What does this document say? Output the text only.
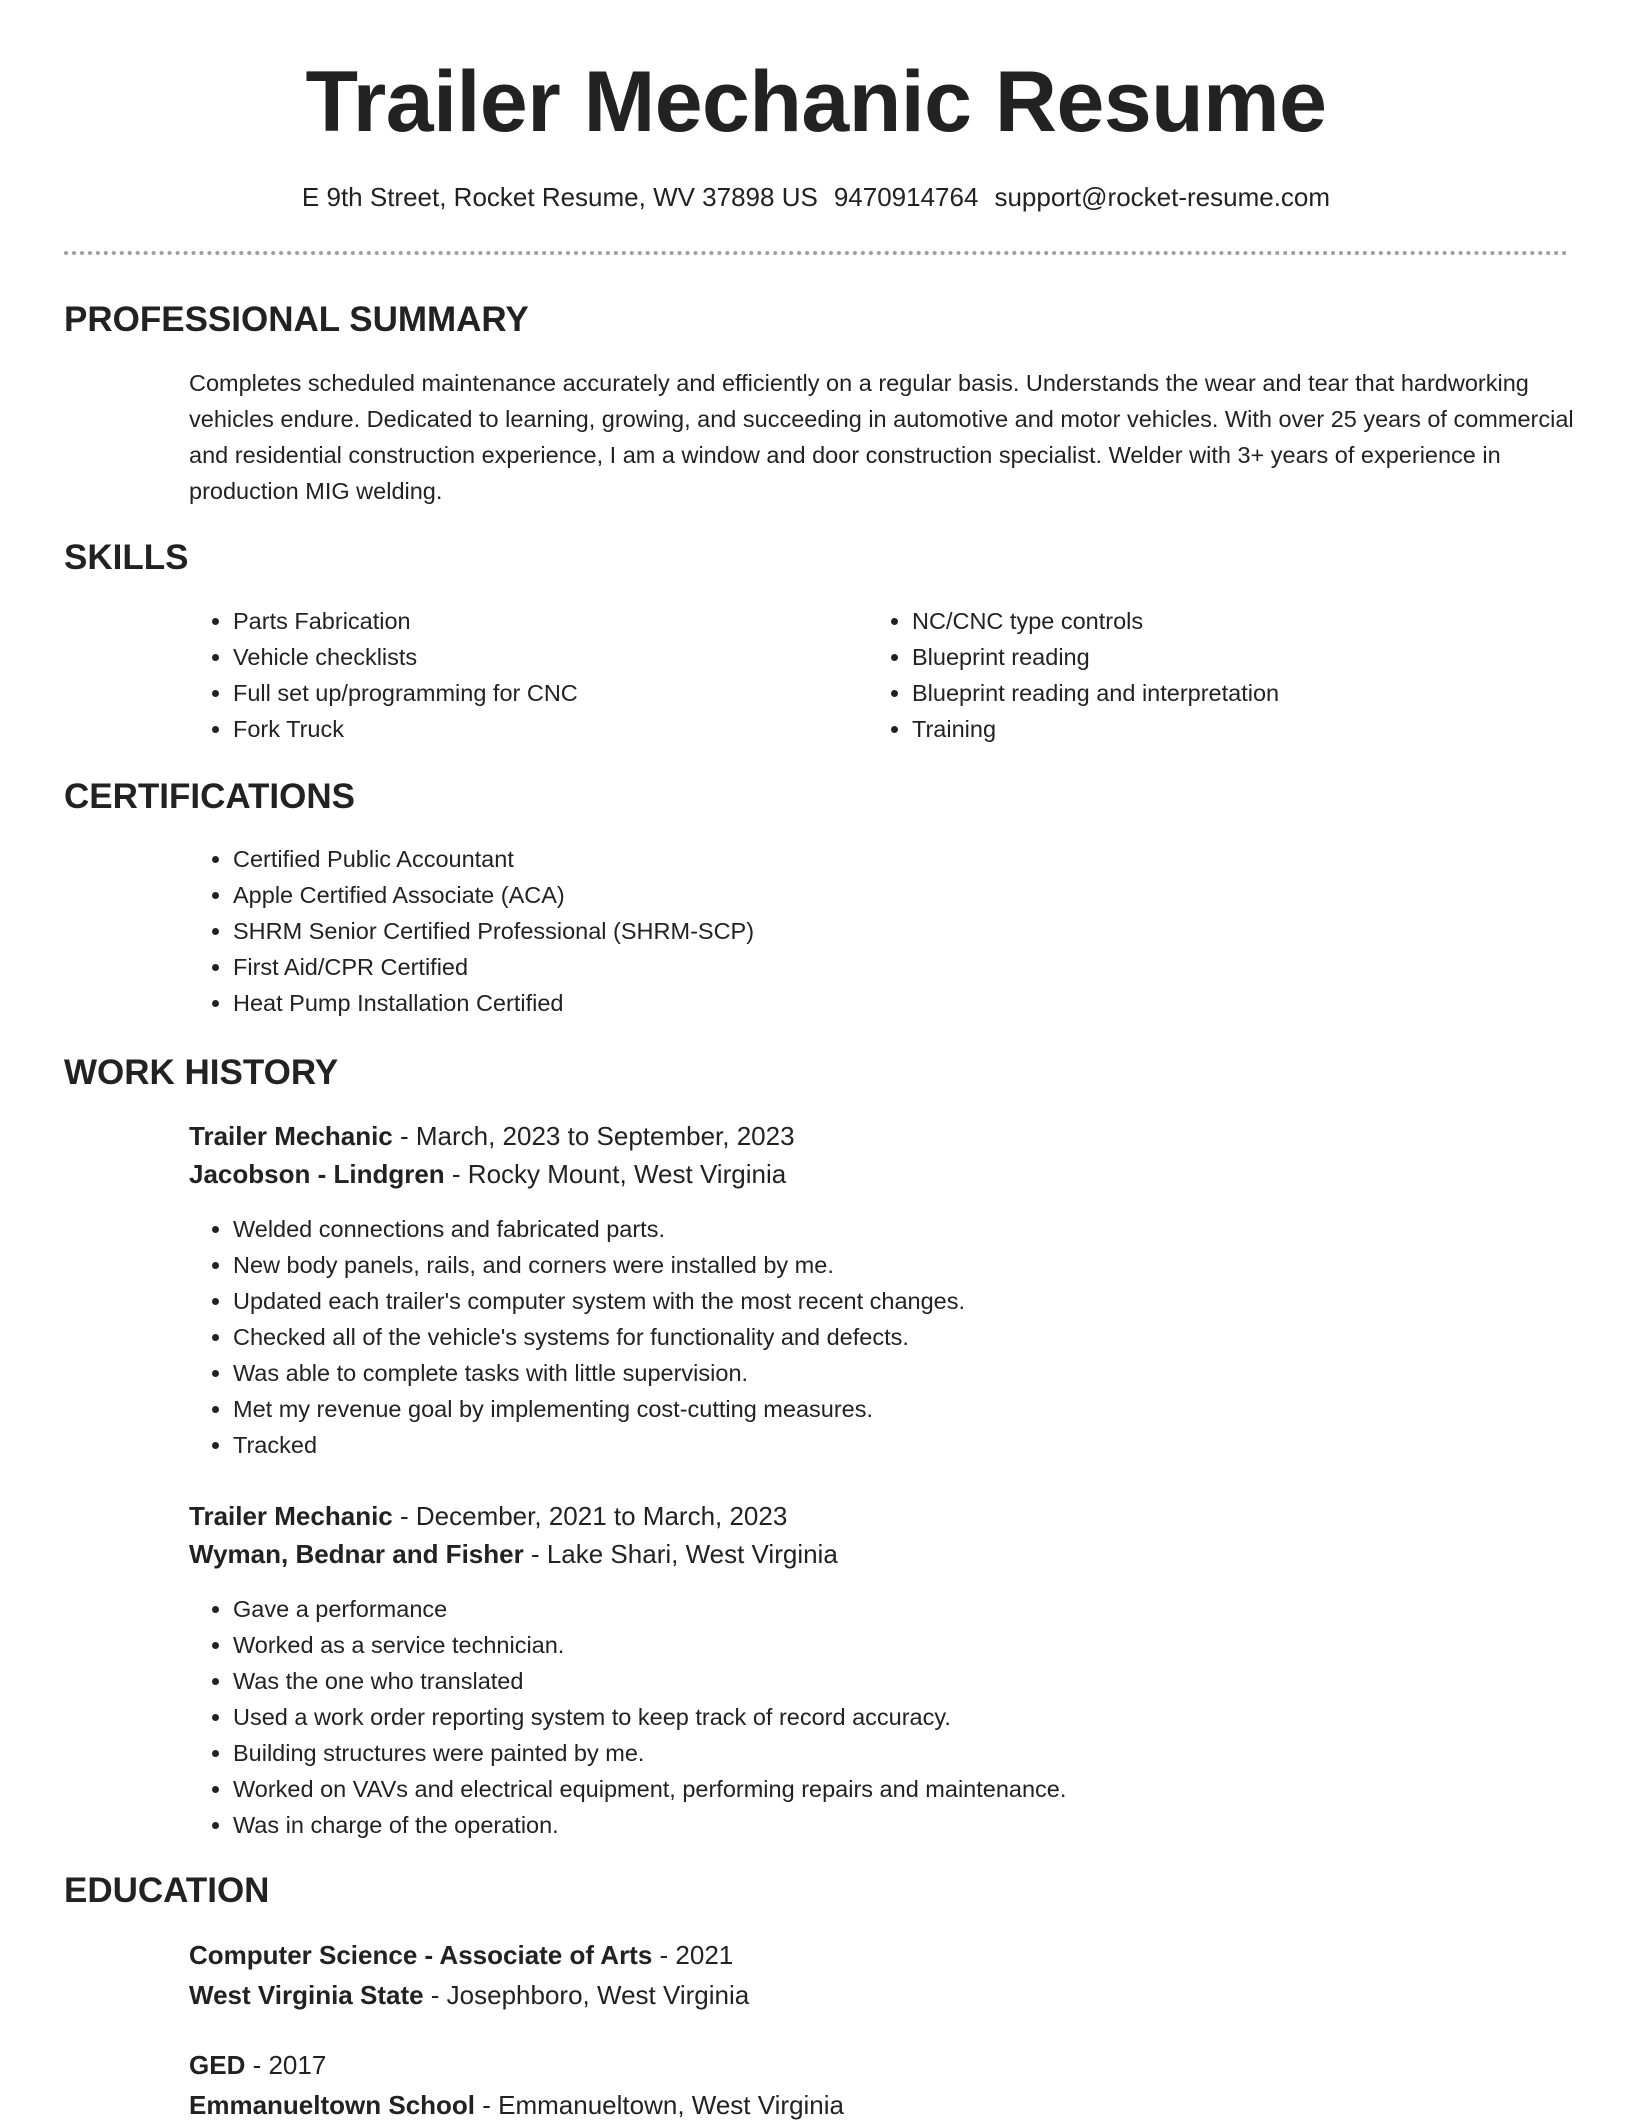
Trailer Mechanic Resume
E 9th Street, Rocket Resume, WV 37898 US 9470914764 support@rocket-resume.com
PROFESSIONAL SUMMARY

Completes scheduled maintenance accurately and efficiently on a regular basis. Understands the wear and tear that hardworking vehicles endure. Dedicated to learning, growing, and succeeding in automotive and motor vehicles. With over 25 years of commercial and residential construction experience, I am a window and door construction specialist. Welder with 3+ years of experience in production MIG welding.

SKILLS
• Parts Fabrication
• Vehicle checklists
• Full set up/programming for CNC
• Fork Truck
• NC/CNC type controls
• Blueprint reading
• Blueprint reading and interpretation
• Training
CERTIFICATIONS
• Certified Public Accountant
• Apple Certified Associate (ACA)
• SHRM Senior Certified Professional (SHRM-SCP)
• First Aid/CPR Certified
• Heat Pump Installation Certified
WORK HISTORY
Trailer Mechanic - March, 2023 to September, 2023
Jacobson - Lindgren - Rocky Mount, West Virginia
• Welded connections and fabricated parts.
• New body panels, rails, and corners were installed by me.
• Updated each trailer's computer system with the most recent changes.
• Checked all of the vehicle's systems for functionality and defects.
• Was able to complete tasks with little supervision.
• Met my revenue goal by implementing cost-cutting measures.
• Tracked
Trailer Mechanic - December, 2021 to March, 2023
Wyman, Bednar and Fisher - Lake Shari, West Virginia
• Gave a performance
• Worked as a service technician.
• Was the one who translated
• Used a work order reporting system to keep track of record accuracy.
• Building structures were painted by me.
• Worked on VAVs and electrical equipment, performing repairs and maintenance.
• Was in charge of the operation.
EDUCATION
Computer Science - Associate of Arts - 2021
West Virginia State - Josephboro, West Virginia
GED - 2017
Emmanueltown School - Emmanueltown, West Virginia
